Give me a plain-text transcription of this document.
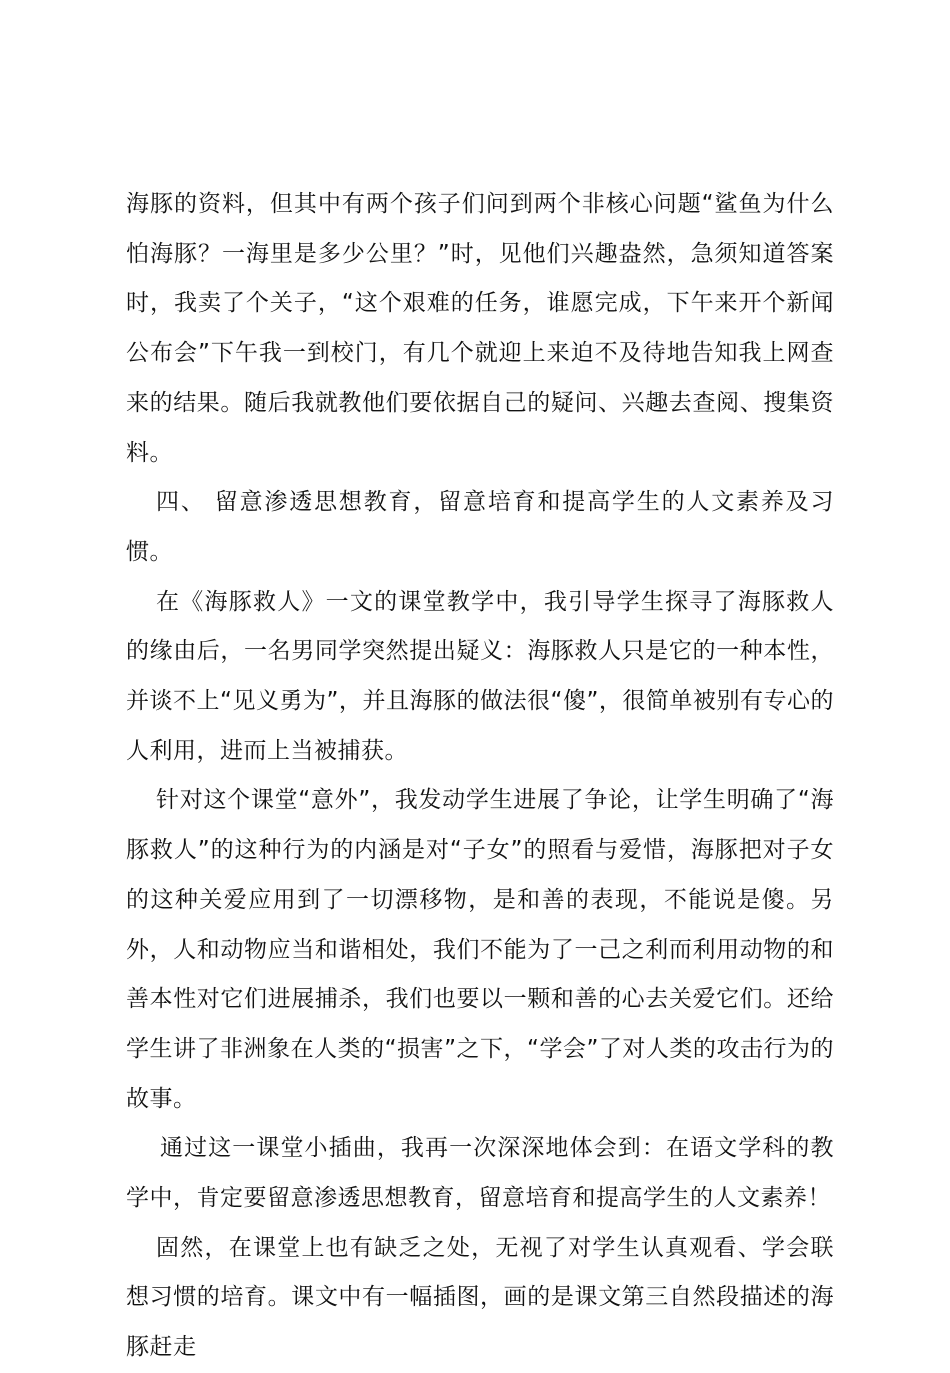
海豚的资料，但其中有两个孩子们问到两个非核心问题“鲨鱼为什么怕海豚？一海里是多少公里？”时，见他们兴趣盎然，急须知道答案时，我卖了个关子，“这个艰难的任务，谁愿完成，下午来开个新闻公布会”下午我一到校门，有几个就迎上来迫不及待地告知我上网查来的结果。随后我就教他们要依据自己的疑问、兴趣去查阅、搜集资料。

四、 留意渗透思想教育，留意培育和提高学生的人文素养及习惯。

在《海豚救人》一文的课堂教学中，我引导学生探寻了海豚救人的缘由后，一名男同学突然提出疑义：海豚救人只是它的一种本性，并谈不上“见义勇为”，并且海豚的做法很“傻”，很简单被别有专心的人利用，进而上当被捕获。

针对这个课堂“意外”，我发动学生进展了争论，让学生明确了“海豚救人”的这种行为的内涵是对“子女”的照看与爱惜，海豚把对子女的这种关爱应用到了一切漂移物，是和善的表现，不能说是傻。另外，人和动物应当和谐相处，我们不能为了一己之利而利用动物的和善本性对它们进展捕杀，我们也要以一颗和善的心去关爱它们。还给学生讲了非洲象在人类的“损害”之下，“学会”了对人类的攻击行为的故事。

通过这一课堂小插曲，我再一次深深地体会到：在语文学科的教学中，肯定要留意渗透思想教育，留意培育和提高学生的人文素养！

固然，在课堂上也有缺乏之处，无视了对学生认真观看、学会联想习惯的培育。课文中有一幅插图，画的是课文第三自然段描述的海豚赶走
